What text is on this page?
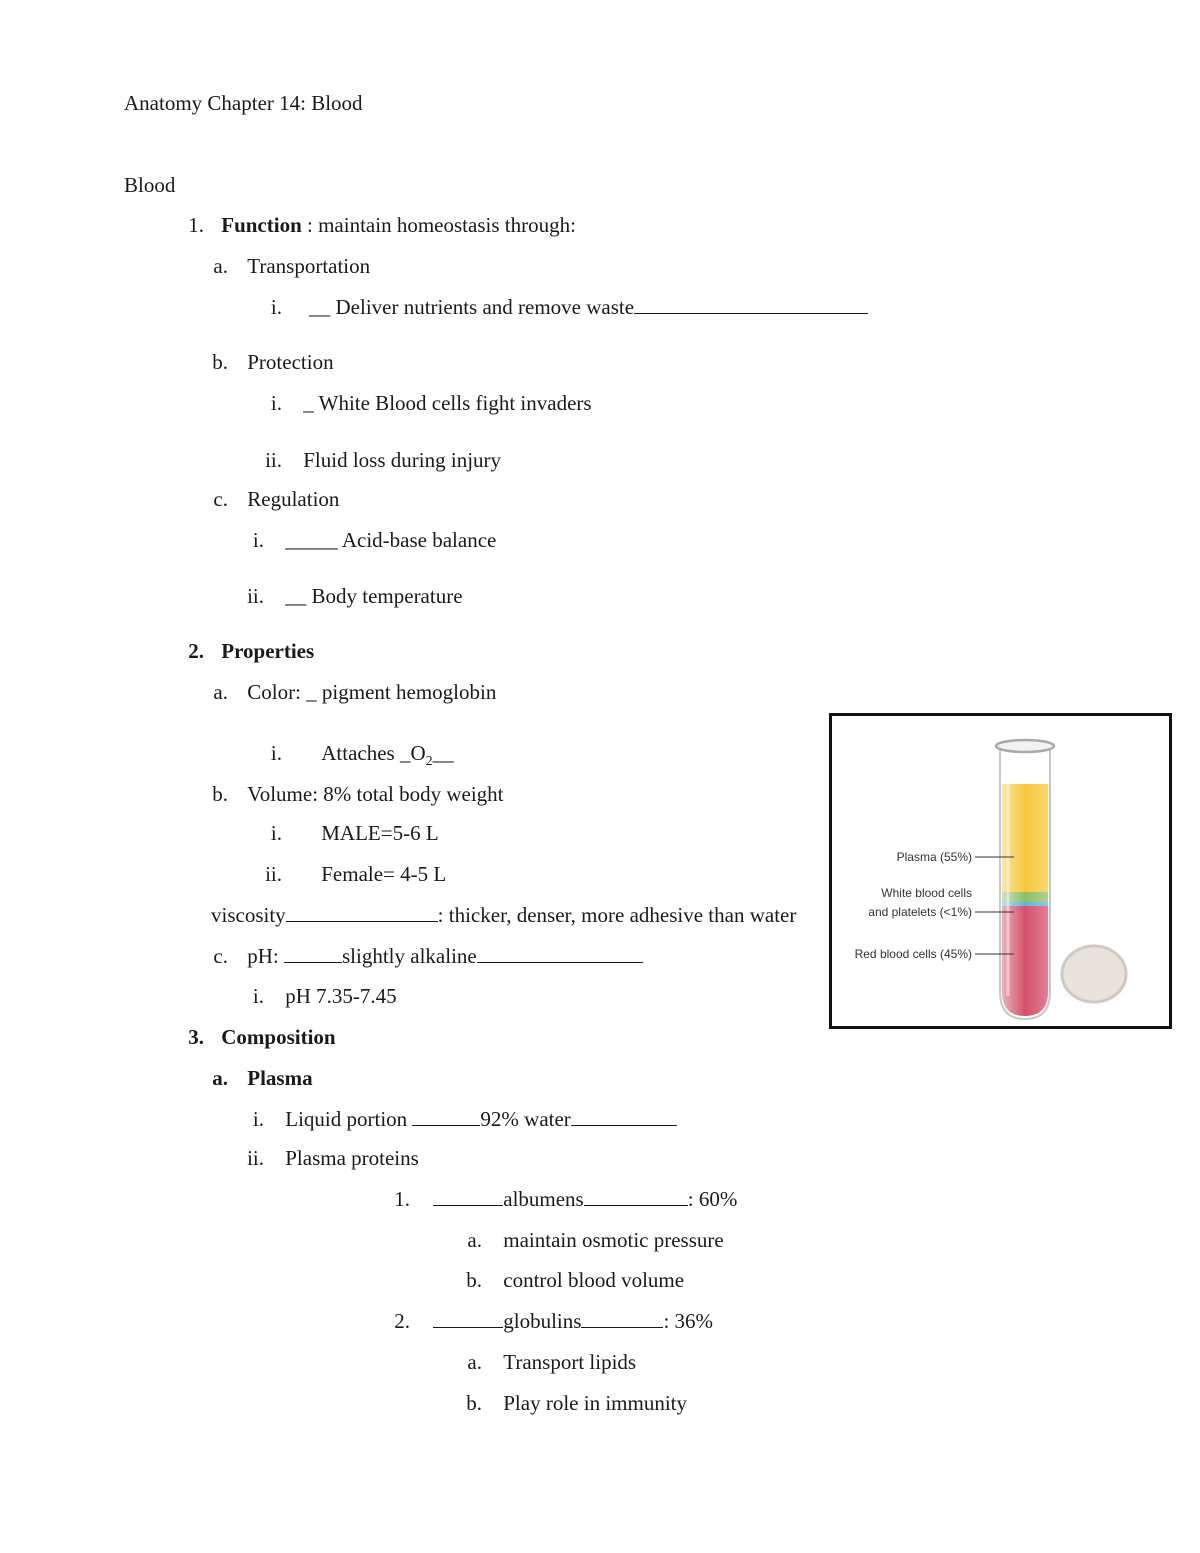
Anatomy Chapter 14: Blood
Blood
1. Function : maintain homeostasis through:
a. Transportation
i. __ Deliver nutrients and remove waste
b. Protection
i. _ White Blood cells fight invaders
ii. Fluid loss during injury
c. Regulation
i. _____ Acid-base balance
ii. __ Body temperature
2. Properties
a. Color: _ pigment hemoglobin
i. Attaches $\_O_2\_\_$
b. Volume: 8% total body weight
i. MALE=5-6 L
ii. Female= 4-5 L
viscosity	: thicker, denser, more adhesive than water
c. pH:	slightly alkaline
i. pH 7.35-7.45
3. Composition
a. Plasma
i. Liquid portion	92% water
ii. Plasma proteins
1.	albumens	: 60%
a. maintain osmotic pressure
b. control blood volume
2.	globulins	: 36%
a. Transport lipids
b. Play role in immunity
Plasma (55%)
White blood cells
and platelets (<1%)
Red blood cells (45%)
